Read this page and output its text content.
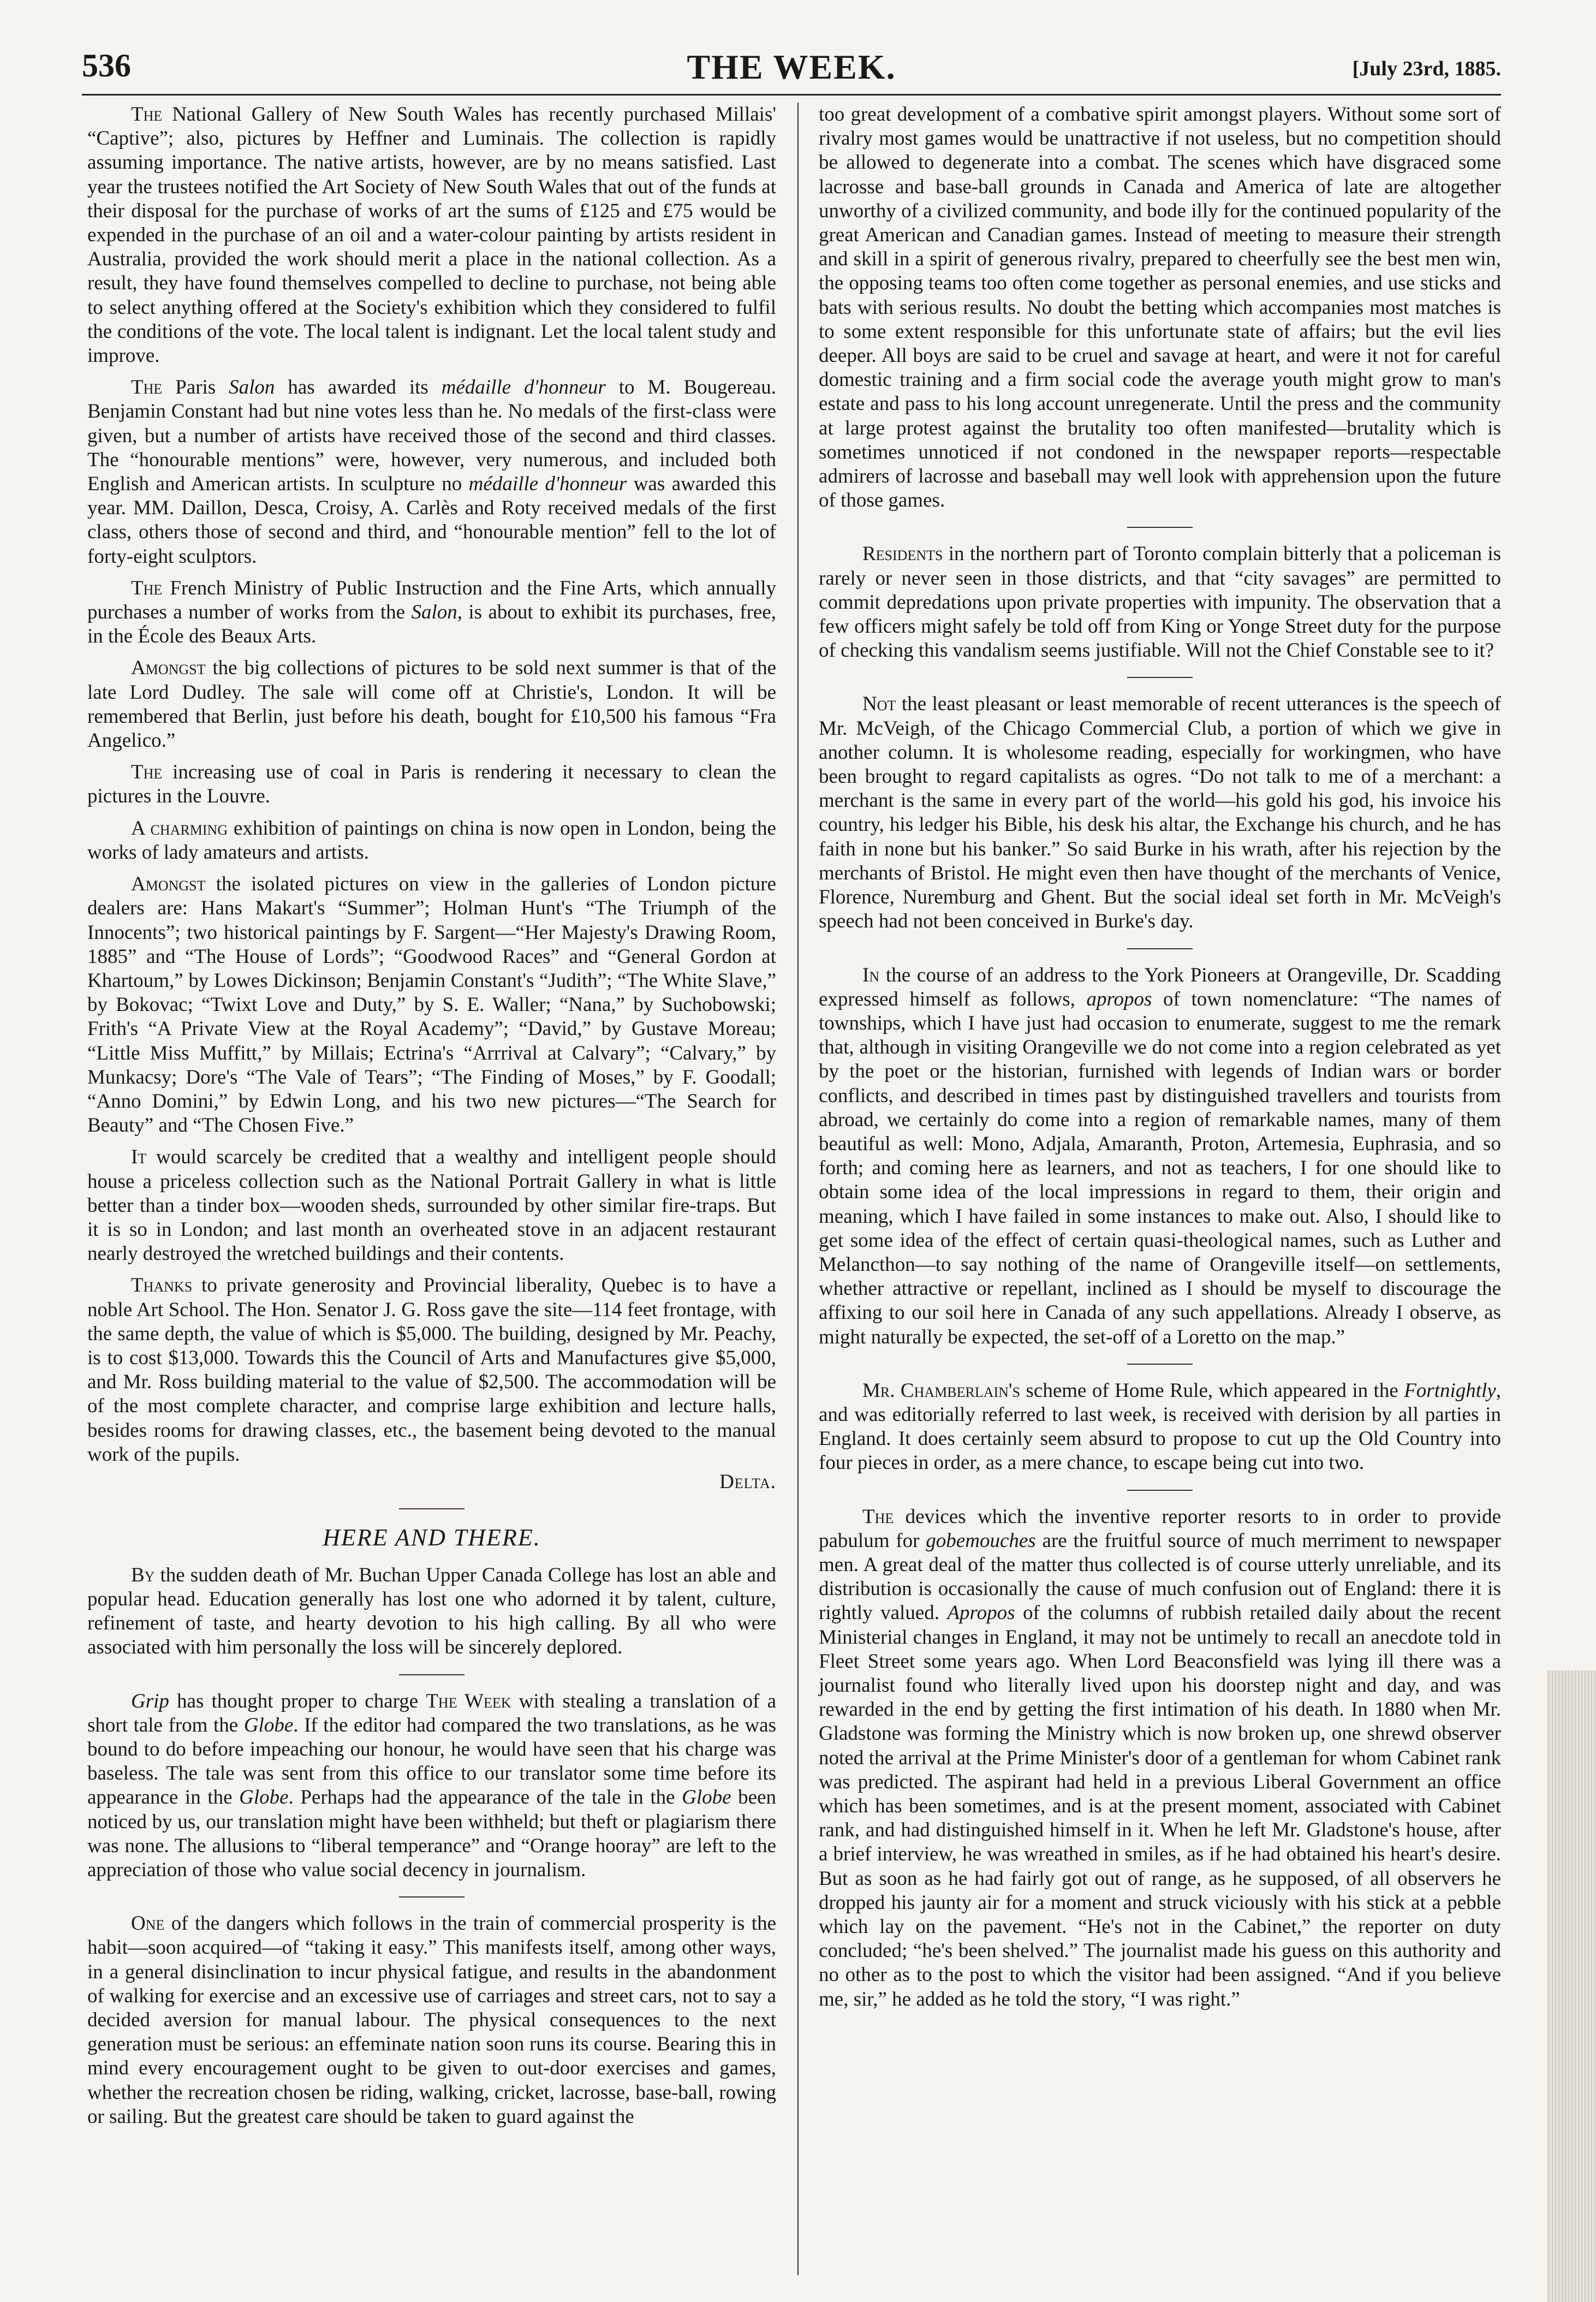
536	THE WEEK.	[July 23rd, 1885.

The National Gallery of New South Wales has recently purchased Millais' “Captive”; also, pictures by Heffner and Luminais. The collection is rapidly assuming importance. The native artists, however, are by no means satisfied. Last year the trustees notified the Art Society of New South Wales that out of the funds at their disposal for the purchase of works of art the sums of £125 and £75 would be expended in the purchase of an oil and a water-colour painting by artists resident in Australia, provided the work should merit a place in the national collection. As a result, they have found themselves compelled to decline to purchase, not being able to select anything offered at the Society's exhibition which they considered to fulfil the conditions of the vote. The local talent is indignant. Let the local talent study and improve.

The Paris Salon has awarded its médaille d'honneur to M. Bougereau. Benjamin Constant had but nine votes less than he. No medals of the first-class were given, but a number of artists have received those of the second and third classes. The “honourable mentions” were, however, very numerous, and included both English and American artists. In sculpture no médaille d'honneur was awarded this year. MM. Daillon, Desca, Croisy, A. Carlès and Roty received medals of the first class, others those of second and third, and “honourable mention” fell to the lot of forty-eight sculptors.

The French Ministry of Public Instruction and the Fine Arts, which annually purchases a number of works from the Salon, is about to exhibit its purchases, free, in the École des Beaux Arts.

Amongst the big collections of pictures to be sold next summer is that of the late Lord Dudley. The sale will come off at Christie's, London. It will be remembered that Berlin, just before his death, bought for £10,500 his famous “Fra Angelico.”

The increasing use of coal in Paris is rendering it necessary to clean the pictures in the Louvre.

A charming exhibition of paintings on china is now open in London, being the works of lady amateurs and artists.

Amongst the isolated pictures on view in the galleries of London picture dealers are: Hans Makart's “Summer”; Holman Hunt's “The Triumph of the Innocents”; two historical paintings by F. Sargent—“Her Majesty's Drawing Room, 1885” and “The House of Lords”; “Goodwood Races” and “General Gordon at Khartoum,” by Lowes Dickinson; Benjamin Constant's “Judith”; “The White Slave,” by Bokovac; “Twixt Love and Duty,” by S. E. Waller; “Nana,” by Suchobowski; Frith's “A Private View at the Royal Academy”; “David,” by Gustave Moreau; “Little Miss Muffitt,” by Millais; Ectrina's “Arrrival at Calvary”; “Calvary,” by Munkacsy; Dore's “The Vale of Tears”; “The Finding of Moses,” by F. Goodall; “Anno Domini,” by Edwin Long, and his two new pictures—“The Search for Beauty” and “The Chosen Five.”

It would scarcely be credited that a wealthy and intelligent people should house a priceless collection such as the National Portrait Gallery in what is little better than a tinder box—wooden sheds, surrounded by other similar fire-traps. But it is so in London; and last month an overheated stove in an adjacent restaurant nearly destroyed the wretched buildings and their contents.

Thanks to private generosity and Provincial liberality, Quebec is to have a noble Art School. The Hon. Senator J. G. Ross gave the site—114 feet frontage, with the same depth, the value of which is $5,000. The building, designed by Mr. Peachy, is to cost $13,000. Towards this the Council of Arts and Manufactures give $5,000, and Mr. Ross building material to the value of $2,500. The accommodation will be of the most complete character, and comprise large exhibition and lecture halls, besides rooms for drawing classes, etc., the basement being devoted to the manual work of the pupils.

Delta.
HERE AND THERE.

By the sudden death of Mr. Buchan Upper Canada College has lost an able and popular head. Education generally has lost one who adorned it by talent, culture, refinement of taste, and hearty devotion to his high calling. By all who were associated with him personally the loss will be sincerely deplored.

Grip has thought proper to charge The Week with stealing a translation of a short tale from the Globe. If the editor had compared the two translations, as he was bound to do before impeaching our honour, he would have seen that his charge was baseless. The tale was sent from this office to our translator some time before its appearance in the Globe. Perhaps had the appearance of the tale in the Globe been noticed by us, our translation might have been withheld; but theft or plagiarism there was none. The allusions to “liberal temperance” and “Orange hooray” are left to the appreciation of those who value social decency in journalism.

One of the dangers which follows in the train of commercial prosperity is the habit—soon acquired—of “taking it easy.” This manifests itself, among other ways, in a general disinclination to incur physical fatigue, and results in the abandonment of walking for exercise and an excessive use of carriages and street cars, not to say a decided aversion for manual labour. The physical consequences to the next generation must be serious: an effeminate nation soon runs its course. Bearing this in mind every encouragement ought to be given to out-door exercises and games, whether the recreation chosen be riding, walking, cricket, lacrosse, base-ball, rowing or sailing. But the greatest care should be taken to guard against the

too great development of a combative spirit amongst players. Without some sort of rivalry most games would be unattractive if not useless, but no competition should be allowed to degenerate into a combat. The scenes which have disgraced some lacrosse and base-ball grounds in Canada and America of late are altogether unworthy of a civilized community, and bode illy for the continued popularity of the great American and Canadian games. Instead of meeting to measure their strength and skill in a spirit of generous rivalry, prepared to cheerfully see the best men win, the opposing teams too often come together as personal enemies, and use sticks and bats with serious results. No doubt the betting which accompanies most matches is to some extent responsible for this unfortunate state of affairs; but the evil lies deeper. All boys are said to be cruel and savage at heart, and were it not for careful domestic training and a firm social code the average youth might grow to man's estate and pass to his long account unregenerate. Until the press and the community at large protest against the brutality too often manifested—brutality which is sometimes unnoticed if not condoned in the newspaper reports—respectable admirers of lacrosse and baseball may well look with apprehension upon the future of those games.

Residents in the northern part of Toronto complain bitterly that a policeman is rarely or never seen in those districts, and that “city savages” are permitted to commit depredations upon private properties with impunity. The observation that a few officers might safely be told off from King or Yonge Street duty for the purpose of checking this vandalism seems justifiable. Will not the Chief Constable see to it?

Not the least pleasant or least memorable of recent utterances is the speech of Mr. McVeigh, of the Chicago Commercial Club, a portion of which we give in another column. It is wholesome reading, especially for workingmen, who have been brought to regard capitalists as ogres. “Do not talk to me of a merchant: a merchant is the same in every part of the world—his gold his god, his invoice his country, his ledger his Bible, his desk his altar, the Exchange his church, and he has faith in none but his banker.” So said Burke in his wrath, after his rejection by the merchants of Bristol. He might even then have thought of the merchants of Venice, Florence, Nuremburg and Ghent. But the social ideal set forth in Mr. McVeigh's speech had not been conceived in Burke's day.

In the course of an address to the York Pioneers at Orangeville, Dr. Scadding expressed himself as follows, apropos of town nomenclature: “The names of townships, which I have just had occasion to enumerate, suggest to me the remark that, although in visiting Orangeville we do not come into a region celebrated as yet by the poet or the historian, furnished with legends of Indian wars or border conflicts, and described in times past by distinguished travellers and tourists from abroad, we certainly do come into a region of remarkable names, many of them beautiful as well: Mono, Adjala, Amaranth, Proton, Artemesia, Euphrasia, and so forth; and coming here as learners, and not as teachers, I for one should like to obtain some idea of the local impressions in regard to them, their origin and meaning, which I have failed in some instances to make out. Also, I should like to get some idea of the effect of certain quasi-theological names, such as Luther and Melancthon—to say nothing of the name of Orangeville itself—on settlements, whether attractive or repellant, inclined as I should be myself to discourage the affixing to our soil here in Canada of any such appellations. Already I observe, as might naturally be expected, the set-off of a Loretto on the map.”

Mr. Chamberlain's scheme of Home Rule, which appeared in the Fortnightly, and was editorially referred to last week, is received with derision by all parties in England. It does certainly seem absurd to propose to cut up the Old Country into four pieces in order, as a mere chance, to escape being cut into two.

The devices which the inventive reporter resorts to in order to provide pabulum for gobemouches are the fruitful source of much merriment to newspaper men. A great deal of the matter thus collected is of course utterly unreliable, and its distribution is occasionally the cause of much confusion out of England: there it is rightly valued. Apropos of the columns of rubbish retailed daily about the recent Ministerial changes in England, it may not be untimely to recall an anecdote told in Fleet Street some years ago. When Lord Beaconsfield was lying ill there was a journalist found who literally lived upon his doorstep night and day, and was rewarded in the end by getting the first intimation of his death. In 1880 when Mr. Gladstone was forming the Ministry which is now broken up, one shrewd observer noted the arrival at the Prime Minister's door of a gentleman for whom Cabinet rank was predicted. The aspirant had held in a previous Liberal Government an office which has been sometimes, and is at the present moment, associated with Cabinet rank, and had distinguished himself in it. When he left Mr. Gladstone's house, after a brief interview, he was wreathed in smiles, as if he had obtained his heart's desire. But as soon as he had fairly got out of range, as he supposed, of all observers he dropped his jaunty air for a moment and struck viciously with his stick at a pebble which lay on the pavement. “He's not in the Cabinet,” the reporter on duty concluded; “he's been shelved.” The journalist made his guess on this authority and no other as to the post to which the visitor had been assigned. “And if you believe me, sir,” he added as he told the story, “I was right.”
